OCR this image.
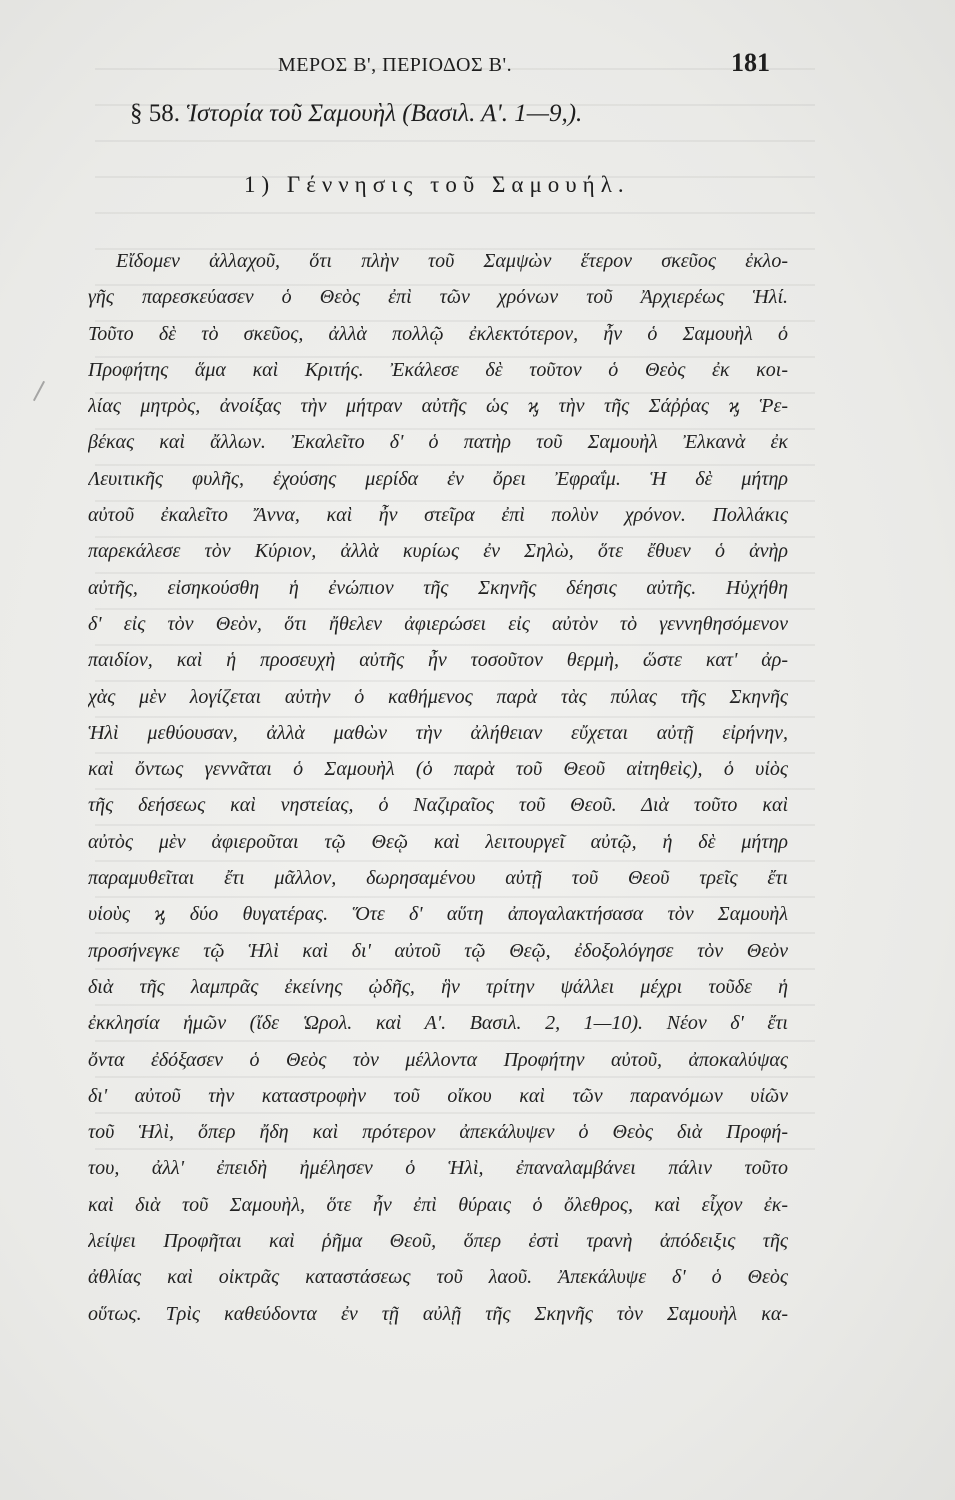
ΜΕΡΟΣ Β', ΠΕΡΙΟΔΟΣ Β'.	181
§ 58. Ἱστορία τοῦ Σαμουὴλ (Βασιλ. Α'. 1—9,).
1) Γέννησις τοῦ Σαμουήλ.
Εἴδομεν ἀλλαχοῦ, ὅτι πλὴν τοῦ Σαμψὼν ἕτερον σκεῦος ἐκλο-
γῆς παρεσκεύασεν ὁ Θεὸς ἐπὶ τῶν χρόνων τοῦ Ἀρχιερέως Ἡλί.
Τοῦτο δὲ τὸ σκεῦος, ἀλλὰ πολλῷ ἐκλεκτότερον, ἦν ὁ Σαμουὴλ ὁ
Προφήτης ἅμα καὶ Κριτής. Ἐκάλεσε δὲ τοῦτον ὁ Θεὸς ἐκ κοι-
λίας μητρὸς, ἀνοίξας τὴν μήτραν αὐτῆς ὡς ϗ τὴν τῆς Σάῤῥας ϗ Ῥε-
βέκας καὶ ἄλλων. Ἐκαλεῖτο δ' ὁ πατὴρ τοῦ Σαμουὴλ Ἐλκανὰ ἐκ
Λευιτικῆς φυλῆς, ἐχούσης μερίδα ἐν ὄρει Ἐφραΐμ. Ἡ δὲ μήτηρ
αὐτοῦ ἐκαλεῖτο Ἄννα, καὶ ἦν στεῖρα ἐπὶ πολὺν χρόνον. Πολλάκις
παρεκάλεσε τὸν Κύριον, ἀλλὰ κυρίως ἐν Σηλὼ, ὅτε ἔθυεν ὁ ἀνὴρ
αὐτῆς, εἰσηκούσθη ἡ ἐνώπιον τῆς Σκηνῆς δέησις αὐτῆς. Ηὐχήθη
δ' εἰς τὸν Θεὸν, ὅτι ἤθελεν ἀφιερώσει εἰς αὐτὸν τὸ γεννηθησόμενον
παιδίον, καὶ ἡ προσευχὴ αὐτῆς ἦν τοσοῦτον θερμὴ, ὥστε κατ' ἀρ-
χὰς μὲν λογίζεται αὐτὴν ὁ καθήμενος παρὰ τὰς πύλας τῆς Σκηνῆς
Ἡλὶ μεθύουσαν, ἀλλὰ μαθὼν τὴν ἀλήθειαν εὔχεται αὐτῇ εἰρήνην,
καὶ ὄντως γεννᾶται ὁ Σαμουὴλ (ὁ παρὰ τοῦ Θεοῦ αἰτηθεὶς), ὁ υἱὸς
τῆς δεήσεως καὶ νηστείας, ὁ Ναζιραῖος τοῦ Θεοῦ. Διὰ τοῦτο καὶ
αὐτὸς μὲν ἀφιεροῦται τῷ Θεῷ καὶ λειτουργεῖ αὐτῷ, ἡ δὲ μήτηρ
παραμυθεῖται ἔτι μᾶλλον, δωρησαμένου αὐτῇ τοῦ Θεοῦ τρεῖς ἔτι
υἱοὺς ϗ δύο θυγατέρας. Ὅτε δ' αὕτη ἀπογαλακτήσασα τὸν Σαμουὴλ
προσήνεγκε τῷ Ἡλὶ καὶ δι' αὐτοῦ τῷ Θεῷ, ἐδοξολόγησε τὸν Θεὸν
διὰ τῆς λαμπρᾶς ἐκείνης ᾠδῆς, ἣν τρίτην ψάλλει μέχρι τοῦδε ἡ
ἐκκλησία ἡμῶν (ἴδε Ὡρολ. καὶ Α'. Βασιλ. 2, 1—10). Νέον δ' ἔτι
ὄντα ἐδόξασεν ὁ Θεὸς τὸν μέλλοντα Προφήτην αὐτοῦ, ἀποκαλύψας
δι' αὐτοῦ τὴν καταστροφὴν τοῦ οἴκου καὶ τῶν παρανόμων υἱῶν
τοῦ Ἡλὶ, ὅπερ ἤδη καὶ πρότερον ἀπεκάλυψεν ὁ Θεὸς διὰ Προφή-
του, ἀλλ' ἐπειδὴ ἠμέλησεν ὁ Ἡλὶ, ἐπαναλαμβάνει πάλιν τοῦτο
καὶ διὰ τοῦ Σαμουὴλ, ὅτε ἦν ἐπὶ θύραις ὁ ὄλεθρος, καὶ εἶχον ἐκ-
λείψει Προφῆται καὶ ῥῆμα Θεοῦ, ὅπερ ἐστὶ τρανὴ ἀπόδειξις τῆς
ἀθλίας καὶ οἰκτρᾶς καταστάσεως τοῦ λαοῦ. Ἀπεκάλυψε δ' ὁ Θεὸς
οὕτως. Τρὶς καθεύδοντα ἐν τῇ αὐλῇ τῆς Σκηνῆς τὸν Σαμουὴλ κα-
